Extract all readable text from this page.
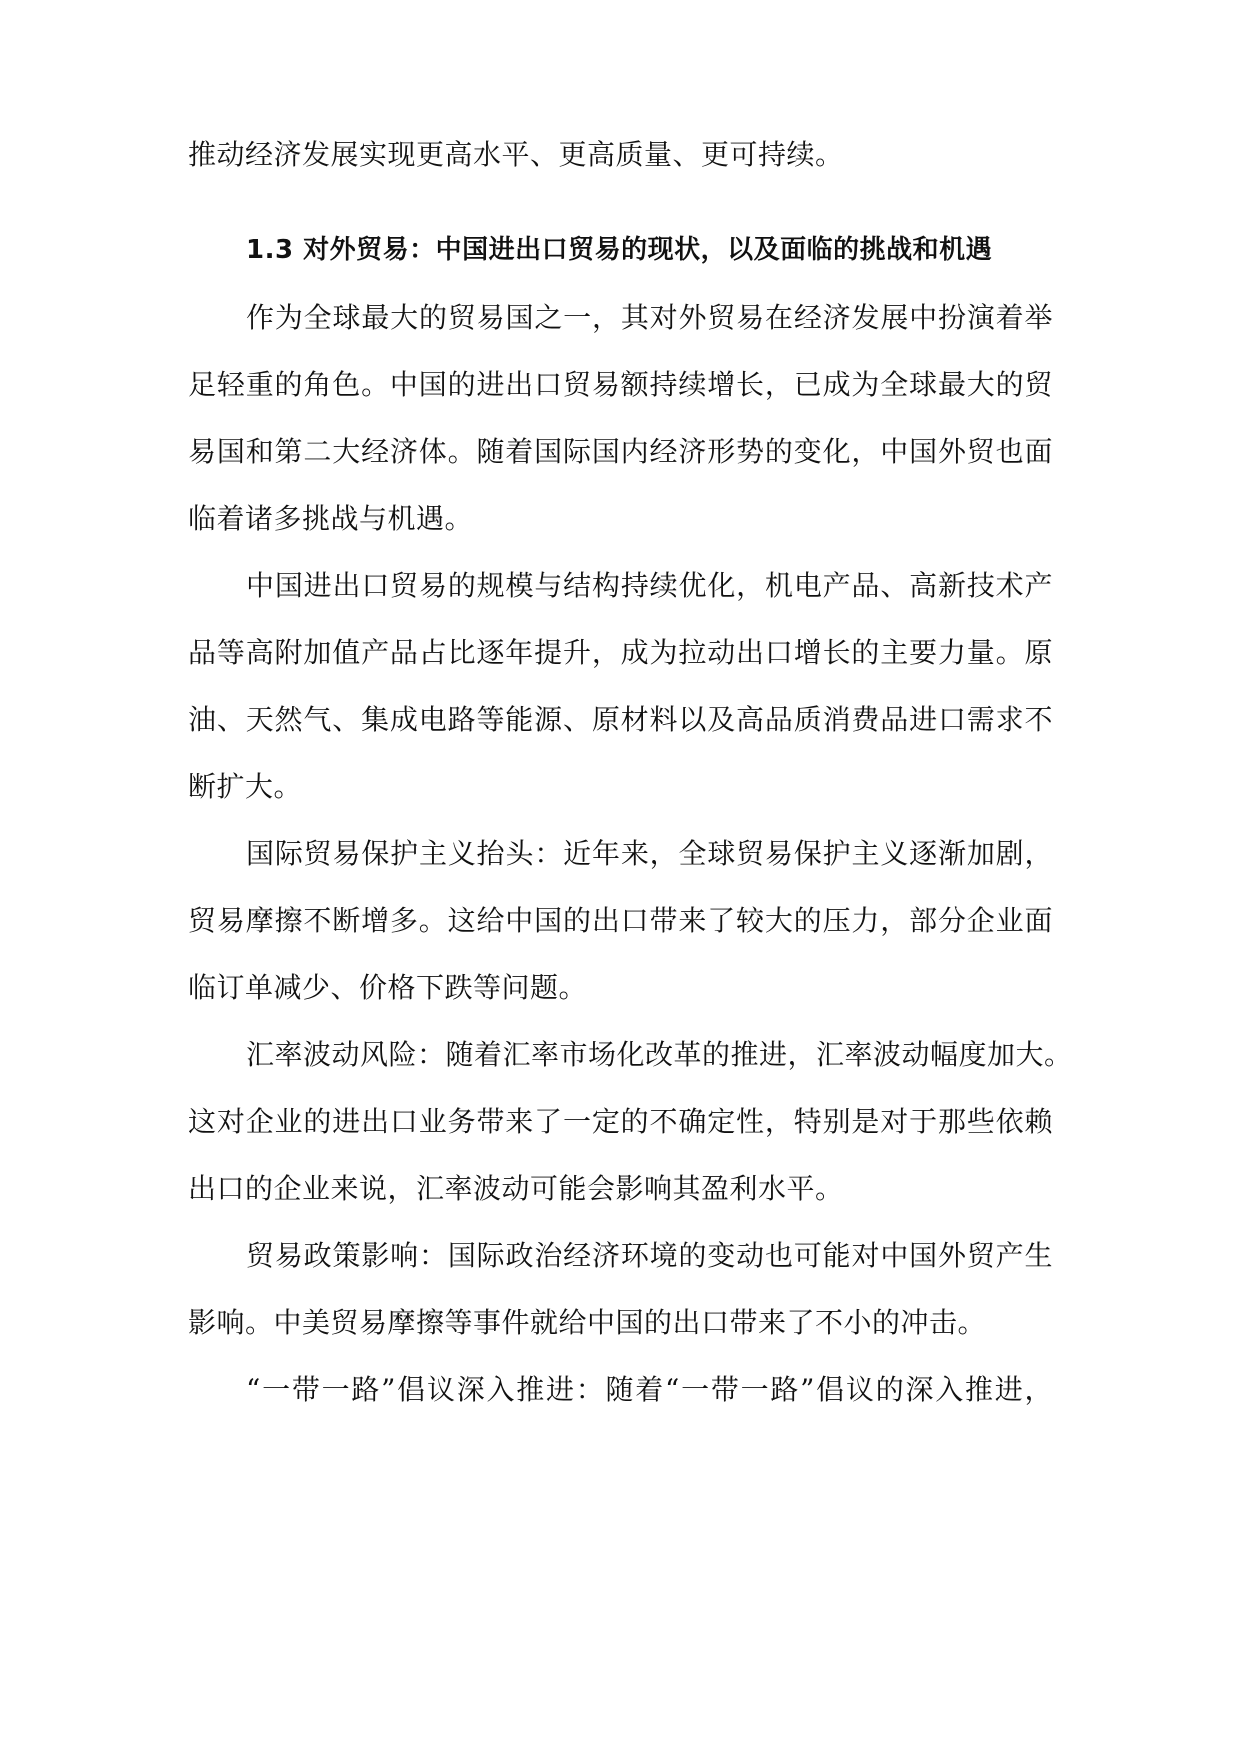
推动经济发展实现更高水平、更高质量、更可持续。
1.3 对外贸易：中国进出口贸易的现状，以及面临的挑战和机遇
作为全球最大的贸易国之一，其对外贸易在经济发展中扮演着举
足轻重的角色。中国的进出口贸易额持续增长，已成为全球最大的贸
易国和第二大经济体。随着国际国内经济形势的变化，中国外贸也面
临着诸多挑战与机遇。
中国进出口贸易的规模与结构持续优化，机电产品、高新技术产
品等高附加值产品占比逐年提升，成为拉动出口增长的主要力量。原
油、天然气、集成电路等能源、原材料以及高品质消费品进口需求不
断扩大。
国际贸易保护主义抬头：近年来，全球贸易保护主义逐渐加剧，
贸易摩擦不断增多。这给中国的出口带来了较大的压力，部分企业面
临订单减少、价格下跌等问题。
汇率波动风险：随着汇率市场化改革的推进，汇率波动幅度加大。
这对企业的进出口业务带来了一定的不确定性，特别是对于那些依赖
出口的企业来说，汇率波动可能会影响其盈利水平。
贸易政策影响：国际政治经济环境的变动也可能对中国外贸产生
影响。中美贸易摩擦等事件就给中国的出口带来了不小的冲击。
“一带一路”倡议深入推进：随着“一带一路”倡议的深入推进，
